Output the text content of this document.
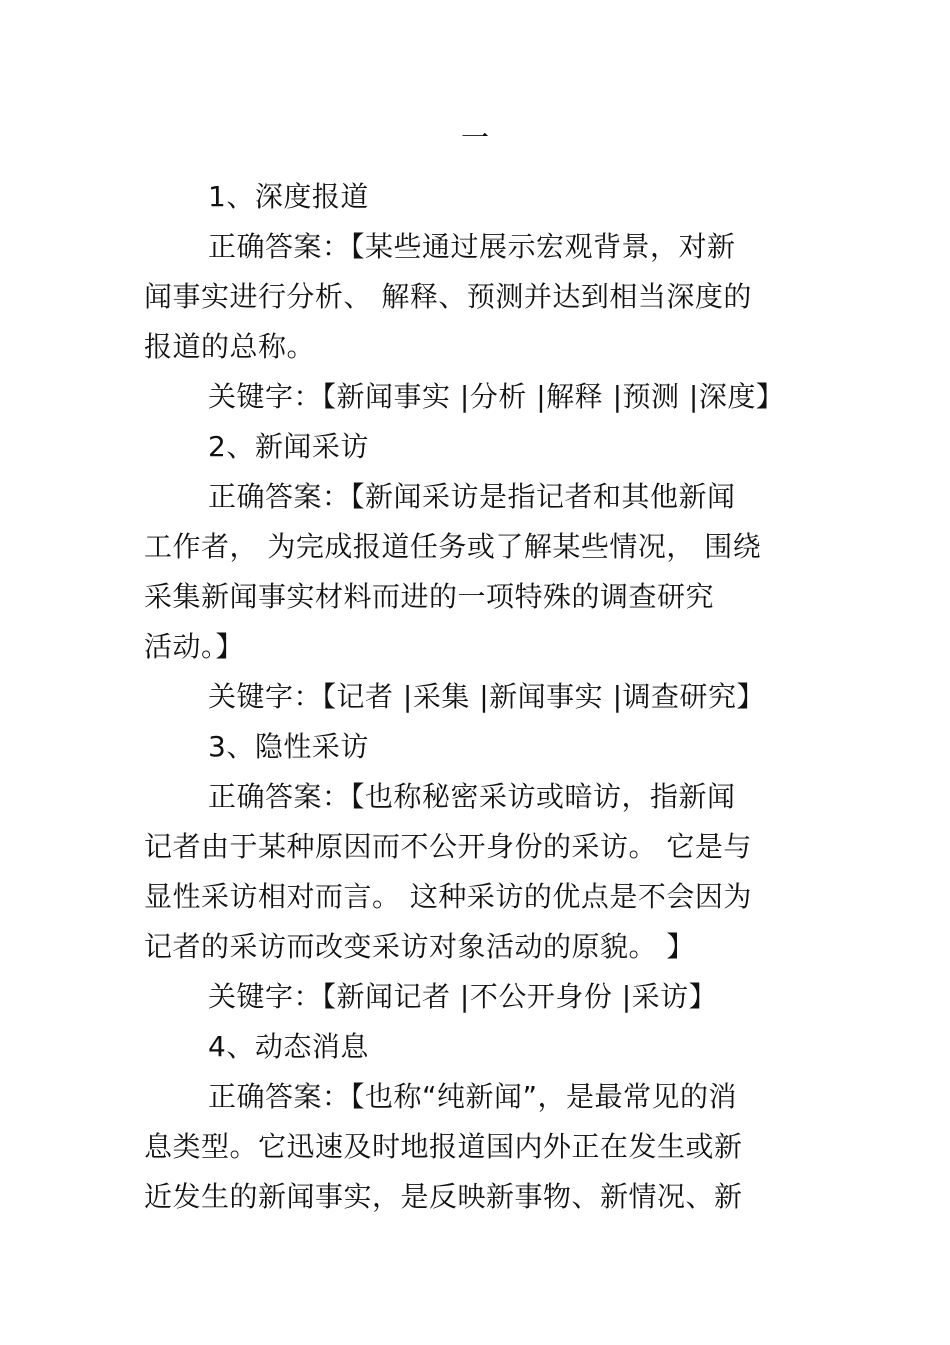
一
1、深度报道
正确答案：【某些通过展示宏观背景，对新
闻事实进行分析、 解释、预测并达到相当深度的
报道的总称。
关键字：【新闻事实 |分析 |解释 |预测 |深度】
2、新闻采访
正确答案：【新闻采访是指记者和其他新闻
工作者， 为完成报道任务或了解某些情况， 围绕
采集新闻事实材料而进的一项特殊的调查研究
活动。】
关键字：【记者 |采集 |新闻事实 |调查研究】
3、隐性采访
正确答案：【也称秘密采访或暗访，指新闻
记者由于某种原因而不公开身份的采访。 它是与
显性采访相对而言。 这种采访的优点是不会因为
记者的采访而改变采访对象活动的原貌。 】
关键字：【新闻记者 |不公开身份 |采访】
4、动态消息
正确答案：【也称“纯新闻”，是最常见的消
息类型。它迅速及时地报道国内外正在发生或新
近发生的新闻事实，是反映新事物、新情况、新
